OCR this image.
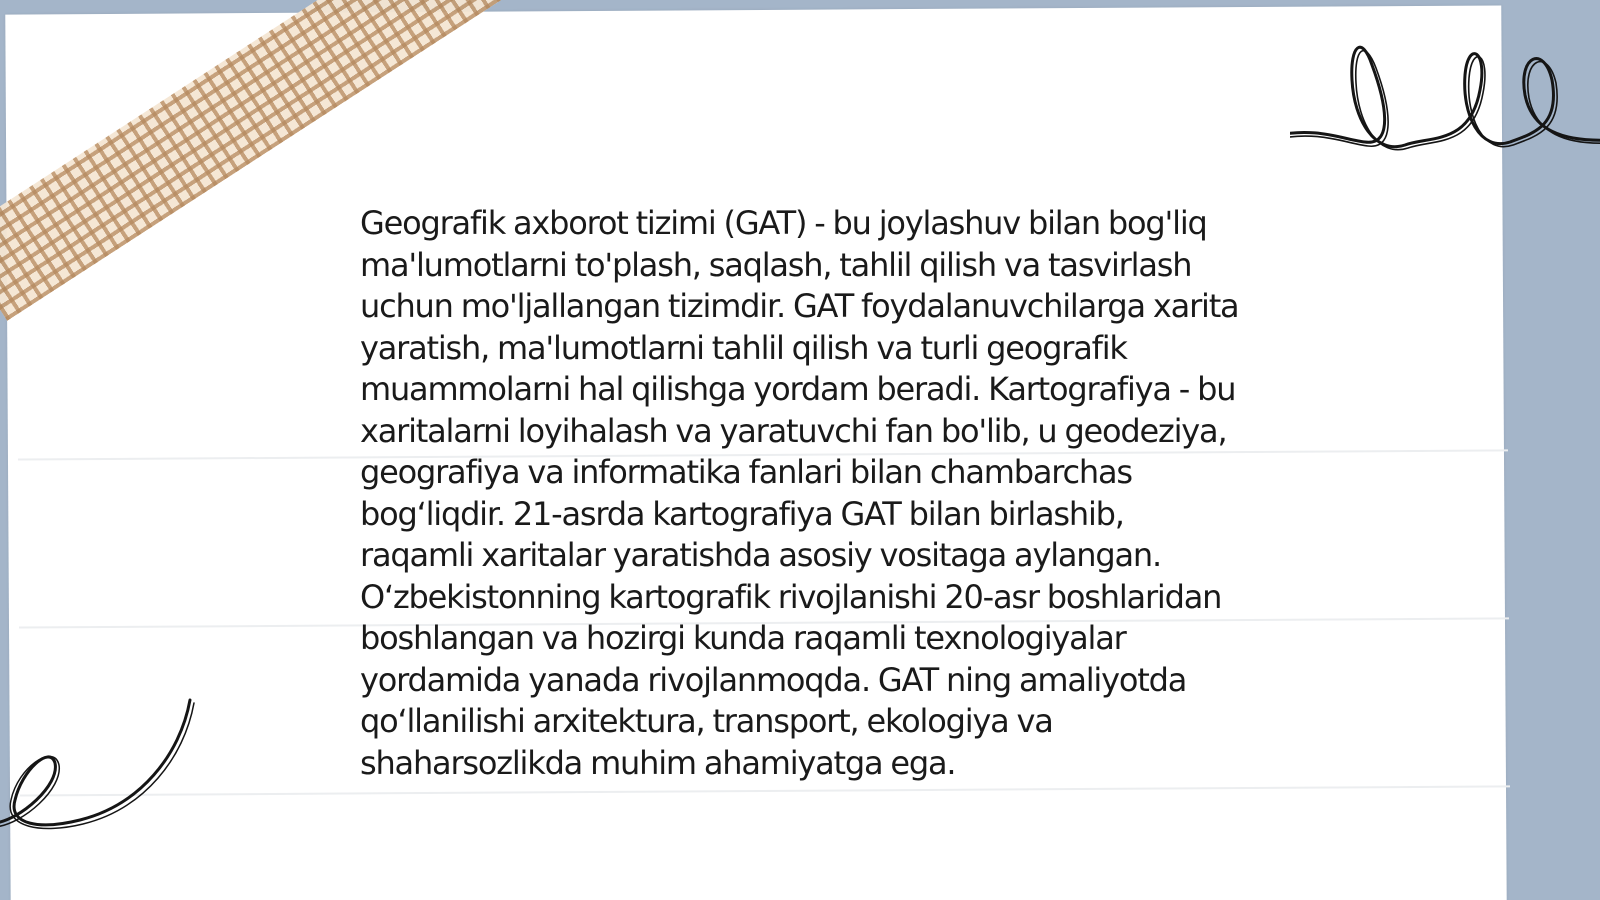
Geografik axborot tizimi (GAT) - bu joylashuv bilan bog'liq ma'lumotlarni to'plash, saqlash, tahlil qilish va tasvirlash uchun mo'ljallangan tizimdir. GAT foydalanuvchilarga xarita yaratish, ma'lumotlarni tahlil qilish va turli geografik muammolarni hal qilishga yordam beradi. Kartografiya - bu xaritalarni loyihalash va yaratuvchi fan bo'lib, u geodeziya, geografiya va informatika fanlari bilan chambarchas bog‘liqdir. 21-asrda kartografiya GAT bilan birlashib, raqamli xaritalar yaratishda asosiy vositaga aylangan. O‘zbekistonning kartografik rivojlanishi 20-asr boshlaridan boshlangan va hozirgi kunda raqamli texnologiyalar yordamida yanada rivojlanmoqda. GAT ning amaliyotda qo‘llanilishi arxitektura, transport, ekologiya va shaharsozlikda muhim ahamiyatga ega.
